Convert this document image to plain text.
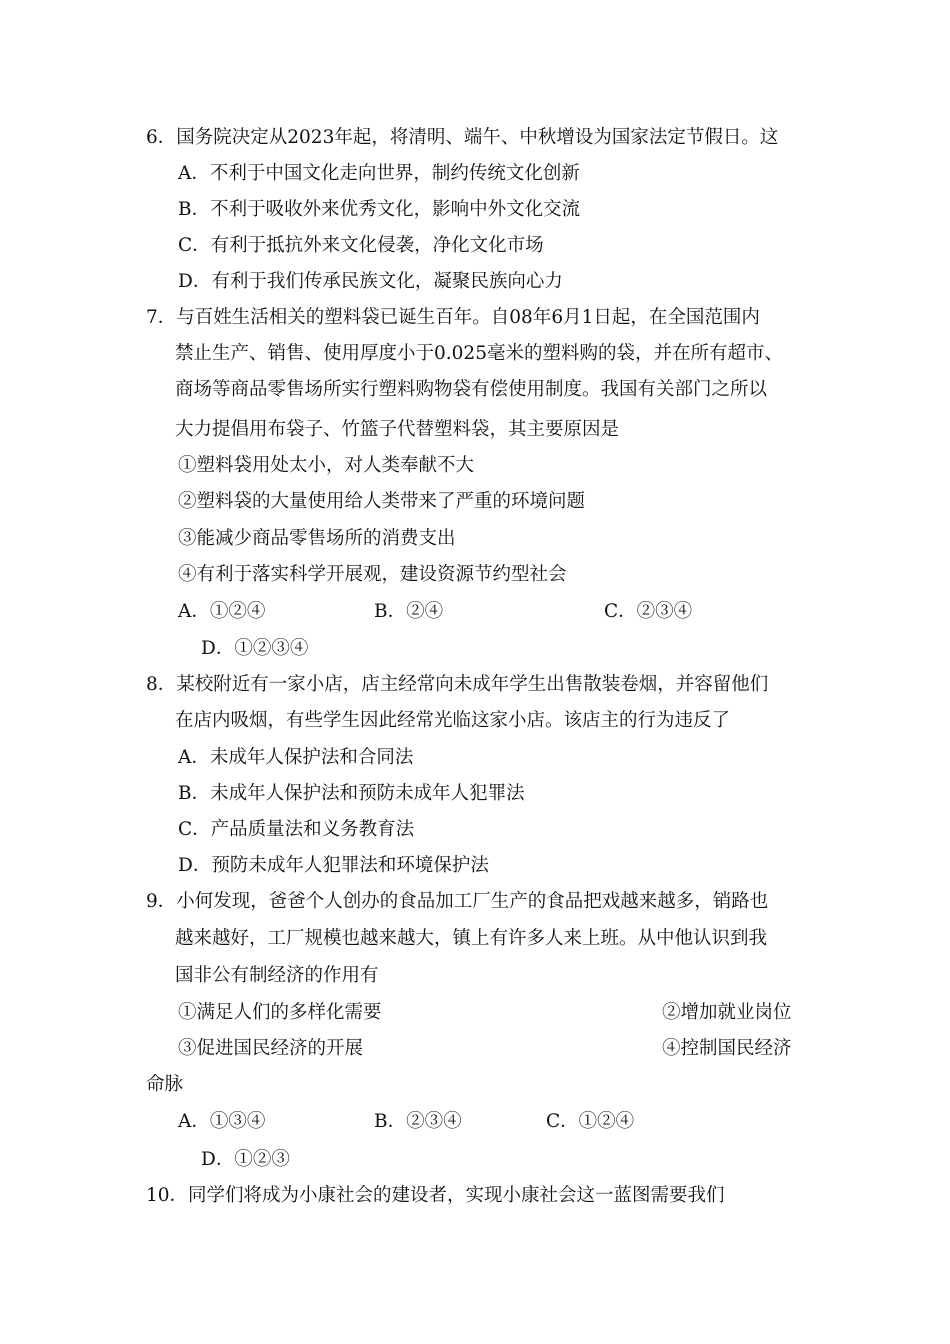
6．国务院决定从2023年起，将清明、端午、中秋增设为国家法定节假日。这
A．不利于中国文化走向世界，制约传统文化创新
B．不利于吸收外来优秀文化，影响中外文化交流
C．有利于抵抗外来文化侵袭，净化文化市场
D．有利于我们传承民族文化，凝聚民族向心力
7．与百姓生活相关的塑料袋已诞生百年。自08年6月1日起，在全国范围内
禁止生产、销售、使用厚度小于0.025毫米的塑料购的袋，并在所有超市、
商场等商品零售场所实行塑料购物袋有偿使用制度。我国有关部门之所以
大力提倡用布袋子、竹篮子代替塑料袋，其主要原因是
①塑料袋用处太小，对人类奉献不大
②塑料袋的大量使用给人类带来了严重的环境问题
③能减少商品零售场所的消费支出
④有利于落实科学开展观，建设资源节约型社会
A．①②④	B．②④	C．②③④
D．①②③④
8．某校附近有一家小店，店主经常向未成年学生出售散装卷烟，并容留他们
在店内吸烟，有些学生因此经常光临这家小店。该店主的行为违反了
A．未成年人保护法和合同法
B．未成年人保护法和预防未成年人犯罪法
C．产品质量法和义务教育法
D．预防未成年人犯罪法和环境保护法
9．小何发现，爸爸个人创办的食品加工厂生产的食品把戏越来越多，销路也
越来越好，工厂规模也越来越大，镇上有许多人来上班。从中他认识到我
国非公有制经济的作用有
①满足人们的多样化需要	②增加就业岗位
③促进国民经济的开展	④控制国民经济
命脉
A．①③④	B．②③④	C．①②④
D．①②③
10．同学们将成为小康社会的建设者，实现小康社会这一蓝图需要我们
